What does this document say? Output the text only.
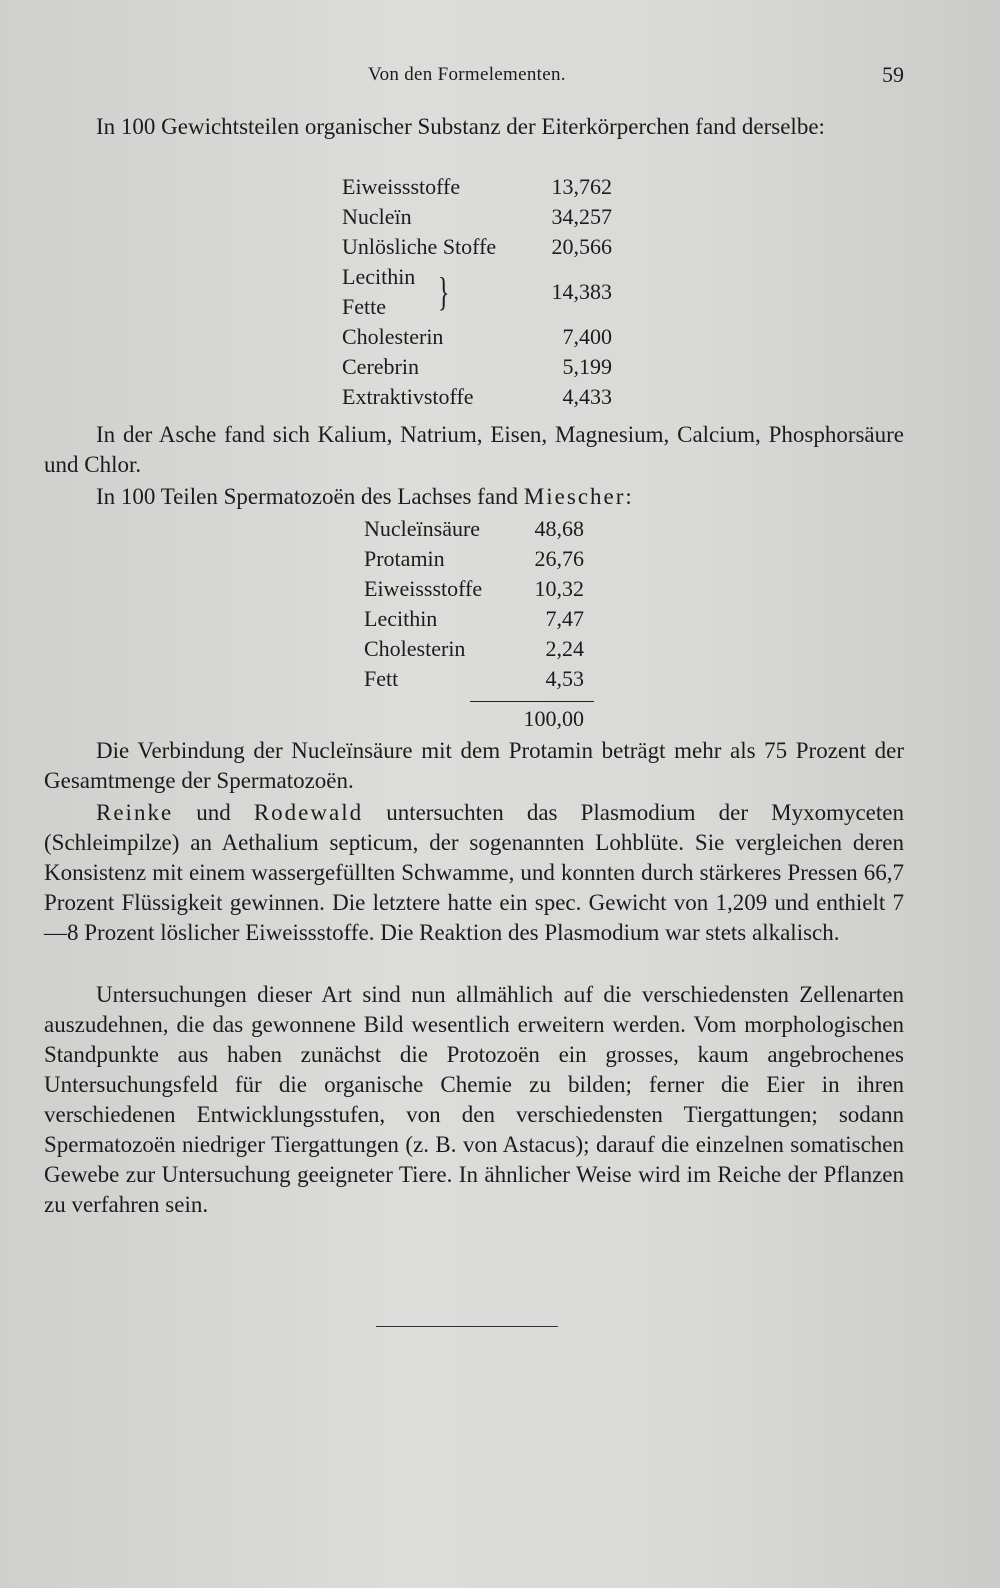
Von den Formelementen.	59

In 100 Gewichtsteilen organischer Substanz der Eiterkörperchen fand derselbe:

Eiweissstoffe	13,762
Nucleïn	34,257
Unlösliche Stoffe	20,566
Lecithin
Fette }	14,383
Cholesterin	7,400
Cerebrin	5,199
Extraktivstoffe	4,433

In der Asche fand sich Kalium, Natrium, Eisen, Magnesium, Calcium, Phosphorsäure und Chlor.

In 100 Teilen Spermatozoën des Lachses fand Miescher:

Nucleïnsäure 48,68
Protamin	26,76
Eiweissstoffe 10,32
Lecithin	7,47
Cholesterin	2,24
Fett	4,53
100,00

Die Verbindung der Nucleïnsäure mit dem Protamin beträgt mehr als 75 Prozent der Gesamtmenge der Spermatozoën.

Reinke und Rodewald untersuchten das Plasmodium der Myxomyceten (Schleimpilze) an Aethalium septicum, der sogenannten Lohblüte. Sie vergleichen deren Konsistenz mit einem wassergefüllten Schwamme, und konnten durch stärkeres Pressen 66,7 Prozent Flüssigkeit gewinnen. Die letztere hatte ein spec. Gewicht von 1,209 und enthielt 7—8 Prozent löslicher Eiweissstoffe. Die Reaktion des Plasmodium war stets alkalisch.

Untersuchungen dieser Art sind nun allmählich auf die verschiedensten Zellenarten auszudehnen, die das gewonnene Bild wesentlich erweitern werden. Vom morphologischen Standpunkte aus haben zunächst die Protozoën ein grosses, kaum angebrochenes Untersuchungsfeld für die organische Chemie zu bilden; ferner die Eier in ihren verschiedenen Entwicklungsstufen, von den verschiedensten Tiergattungen; sodann Spermatozoën niedriger Tiergattungen (z. B. von Astacus); darauf die einzelnen somatischen Gewebe zur Untersuchung geeigneter Tiere. In ähnlicher Weise wird im Reiche der Pflanzen zu verfahren sein.
